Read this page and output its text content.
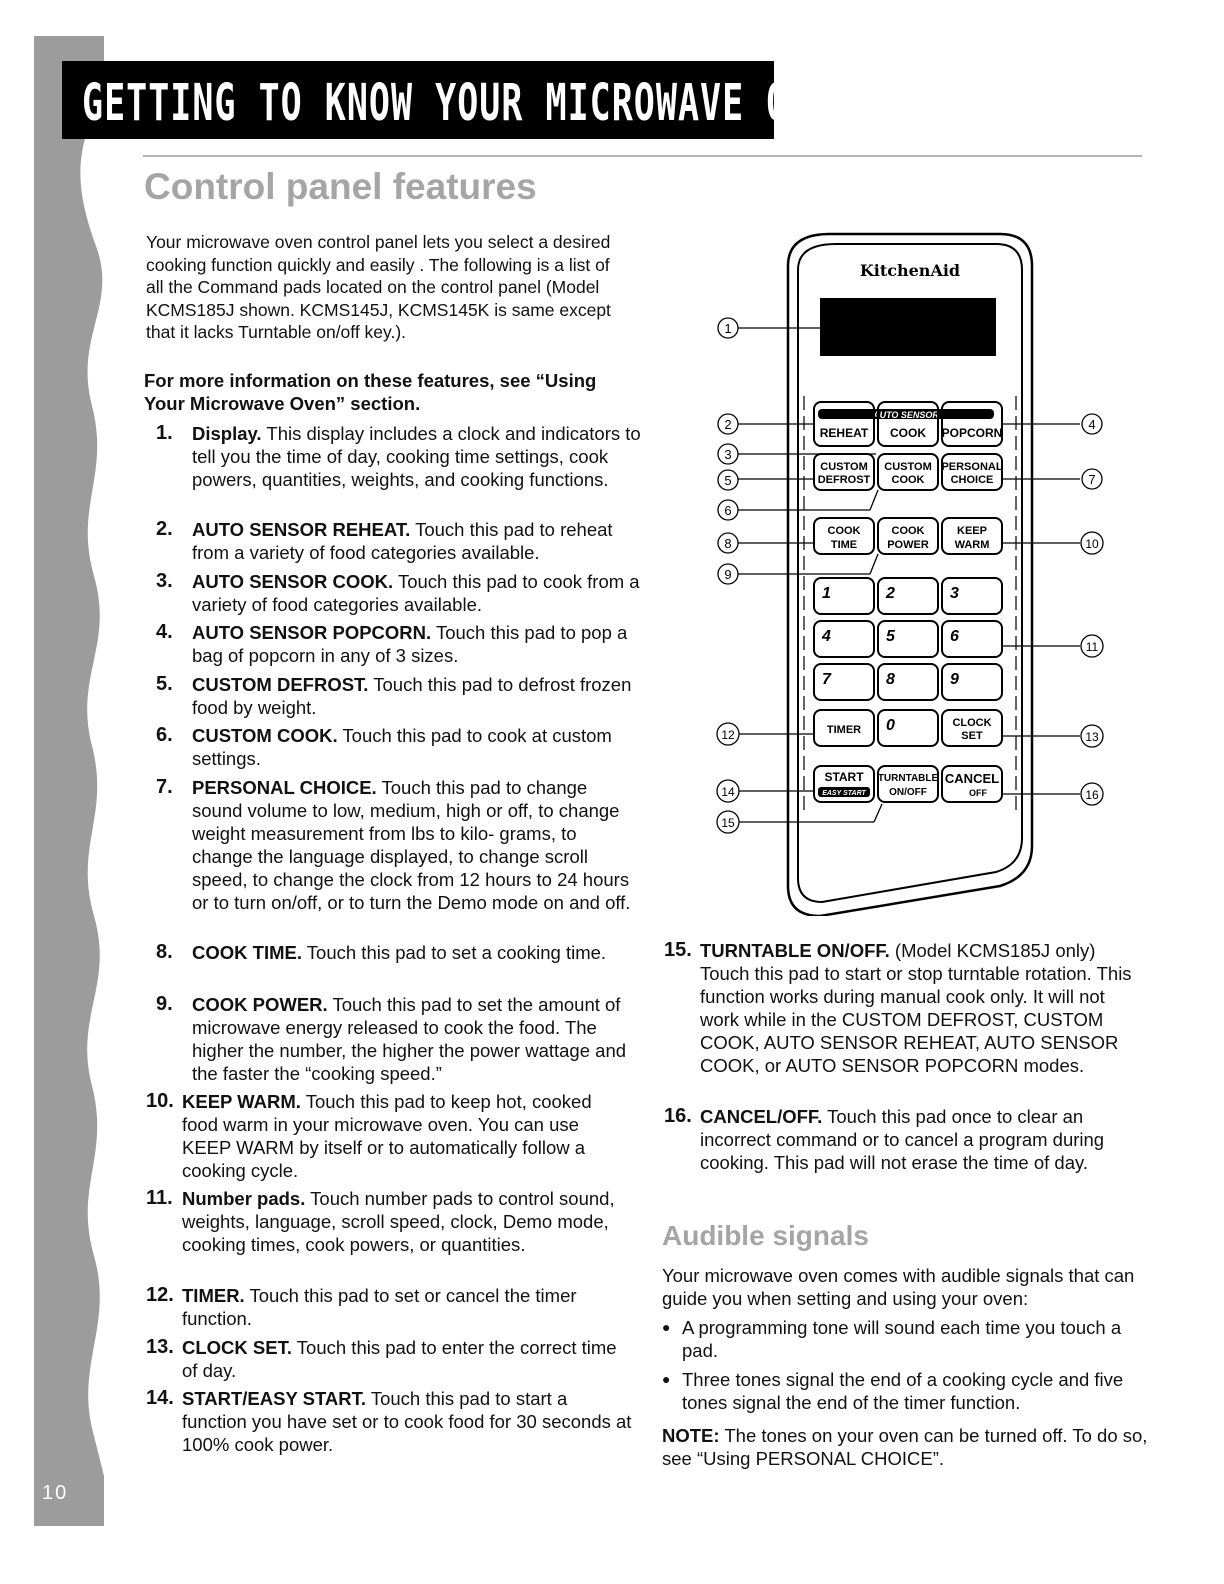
10
GETTING TO KNOW YOUR MICROWAVE OVEN
Control panel features
Your microwave oven control panel lets you select a desired cooking function quickly and easily . The following is a list of all the Command pads located on the control panel (Model KCMS185J shown. KCMS145J, KCMS145K is same except that it lacks Turntable on/off key.).
For more information on these features, see “Using Your Microwave Oven” section.
1. Display. This display includes a clock and indicators to tell you the time of day, cooking time settings, cook powers, quantities, weights, and cooking functions.
2. AUTO SENSOR REHEAT. Touch this pad to reheat from a variety of food categories available.
3. AUTO SENSOR COOK. Touch this pad to cook from a variety of food categories available.
4. AUTO SENSOR POPCORN. Touch this pad to pop a bag of popcorn in any of 3 sizes.
5. CUSTOM DEFROST. Touch this pad to defrost frozen food by weight.
6. CUSTOM COOK. Touch this pad to cook at custom settings.
7. PERSONAL CHOICE. Touch this pad to change sound volume to low, medium, high or off, to change weight measurement from lbs to kilo- grams, to change the language displayed, to change scroll speed, to change the clock from 12 hours to 24 hours or to turn on/off, or to turn the Demo mode on and off.
8. COOK TIME. Touch this pad to set a cooking time.
9. COOK POWER. Touch this pad to set the amount of microwave energy released to cook the food. The higher the number, the higher the power wattage and the faster the “cooking speed.”
10. KEEP WARM. Touch this pad to keep hot, cooked food warm in your microwave oven. You can use KEEP WARM by itself or to automatically follow a cooking cycle.
11. Number pads. Touch number pads to control sound, weights, language, scroll speed, clock, Demo mode, cooking times, cook powers, or quantities.
12. TIMER. Touch this pad to set or cancel the timer function.
13. CLOCK SET. Touch this pad to enter the correct time of day.
14. START/EASY START. Touch this pad to start a function you have set or to cook food for 30 seconds at 100% cook power.
15. TURNTABLE ON/OFF. (Model KCMS185J only) Touch this pad to start or stop turntable rotation. This function works during manual cook only. It will not work while in the CUSTOM DEFROST, CUSTOM COOK, AUTO SENSOR REHEAT, AUTO SENSOR COOK, or AUTO SENSOR POPCORN modes.
16. CANCEL/OFF. Touch this pad once to clear an incorrect command or to cancel a program during cooking. This pad will not erase the time of day.
Audible signals
Your microwave oven comes with audible signals that can guide you when setting and using your oven:
● A programming tone will sound each time you touch a pad.
● Three tones signal the end of a cooking cycle and five tones signal the end of the timer function.
NOTE: The tones on your oven can be turned off. To do so, see “Using PERSONAL CHOICE”.
KitchenAid
AUTO SENSOR
REHEAT COOK POPCORN
CUSTOM
DEFROST
CUSTOM
COOK
PERSONAL
CHOICE
COOK
TIME
COOK
POWER
KEEP
WARM
1	2	3
4	5	6
7	8	9
TIMER 0	CLOCK
SET
START
EASY START
TURNTABLE
ON/OFF
CANCEL
OFF
1
2
3
5
6
8
9
12
14
15
4
7
10
11
13
16
